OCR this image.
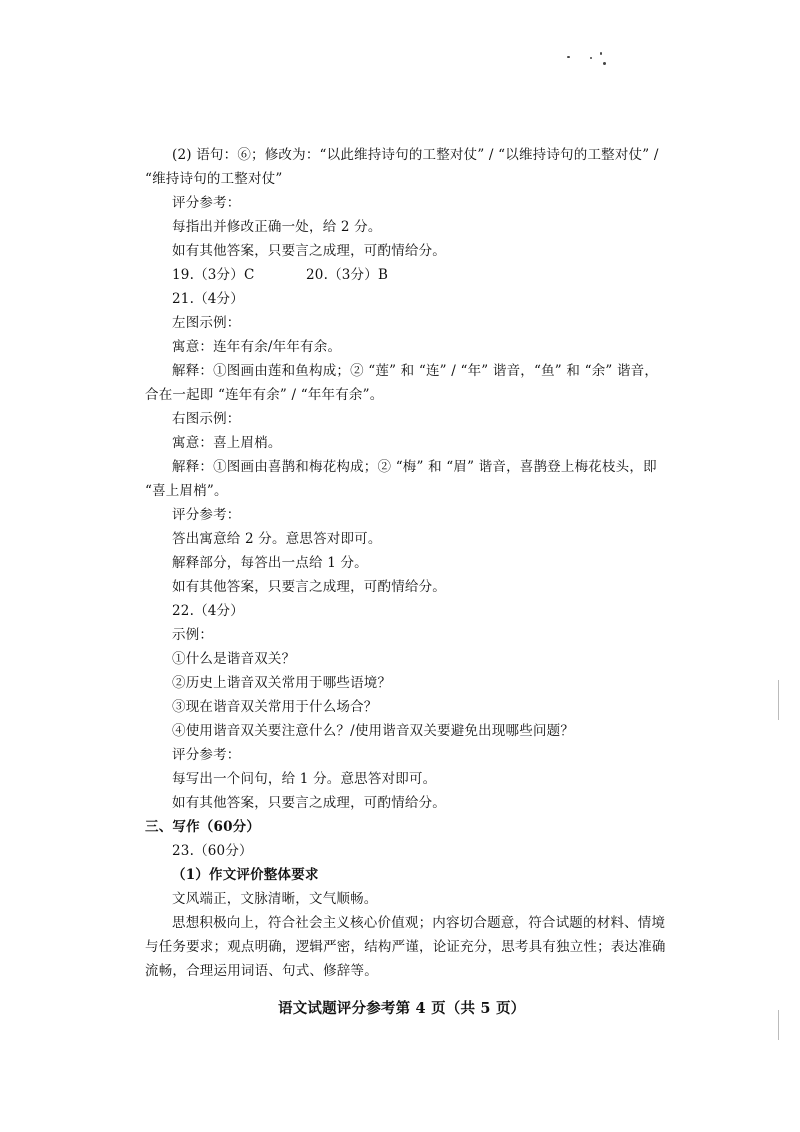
(2) 语句：⑥；修改为：“以此维持诗句的工整对仗” / “以维持诗句的工整对仗” /
“维持诗句的工整对仗”
评分参考：
每指出并修改正确一处，给 2 分。
如有其他答案，只要言之成理，可酌情给分。
19.（3分）C	20.（3分）B
21.（4分）
左图示例：
寓意：连年有余/年年有余。
解释：①图画由莲和鱼构成；② “莲” 和 “连” / “年” 谐音，“鱼” 和 “余” 谐音，
合在一起即 “连年有余” / “年年有余”。
右图示例：
寓意：喜上眉梢。
解释：①图画由喜鹊和梅花构成；② “梅” 和 “眉” 谐音，喜鹊登上梅花枝头，即
“喜上眉梢”。
评分参考：
答出寓意给 2 分。意思答对即可。
解释部分，每答出一点给 1 分。
如有其他答案，只要言之成理，可酌情给分。
22.（4分）
示例：
①什么是谐音双关？
②历史上谐音双关常用于哪些语境？
③现在谐音双关常用于什么场合？
④使用谐音双关要注意什么？/使用谐音双关要避免出现哪些问题？
评分参考：
每写出一个问句，给 1 分。意思答对即可。
如有其他答案，只要言之成理，可酌情给分。
三、写作（60分）
23.（60分）
（1）作文评价整体要求
文风端正，文脉清晰，文气顺畅。
思想积极向上，符合社会主义核心价值观；内容切合题意，符合试题的材料、情境
与任务要求；观点明确，逻辑严密，结构严谨，论证充分，思考具有独立性；表达准确
流畅，合理运用词语、句式、修辞等。
语文试题评分参考第 4 页（共 5 页）
